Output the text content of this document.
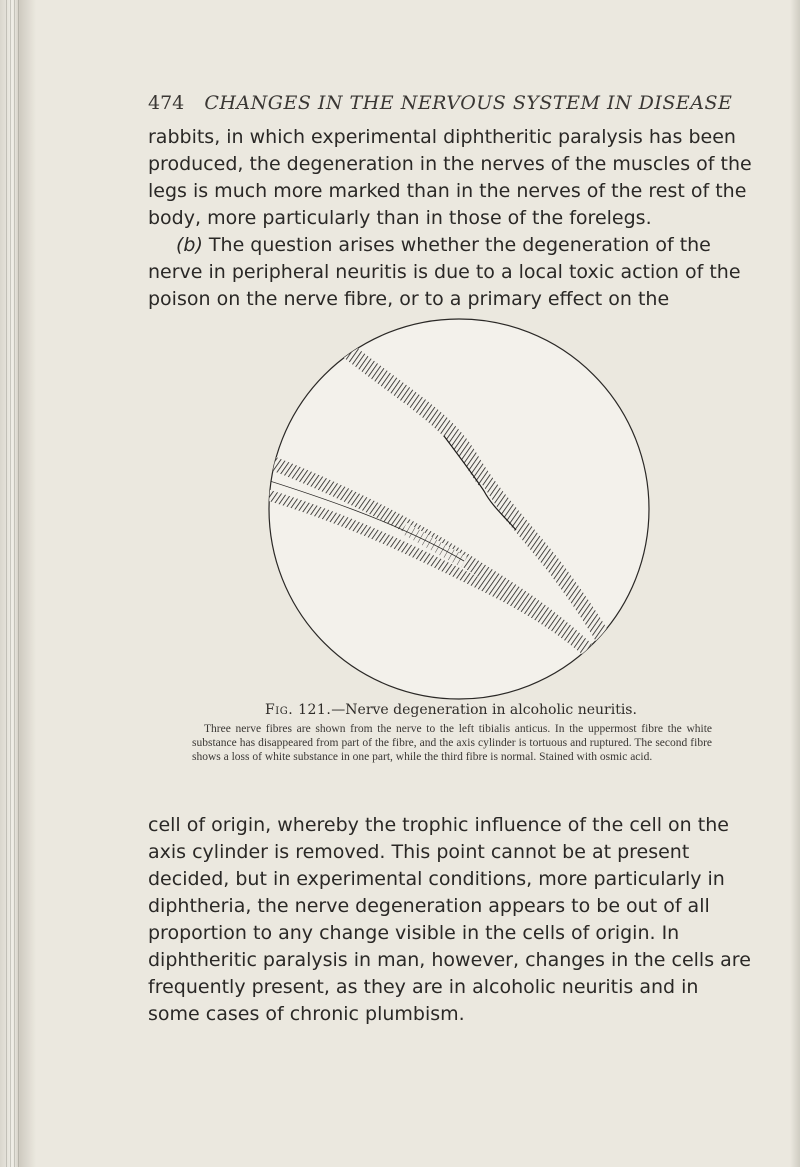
474 CHANGES IN THE NERVOUS SYSTEM IN DISEASE

rabbits, in which experimental diphtheritic paralysis has been produced, the degeneration in the nerves of the muscles of the legs is much more marked than in the nerves of the rest of the body, more particularly than in those of the forelegs.

(b) The question arises whether the degeneration of the nerve in peripheral neuritis is due to a local toxic action of the poison on the nerve fibre, or to a primary effect on the

Fig. 121.—Nerve degeneration in alcoholic neuritis.

Three nerve fibres are shown from the nerve to the left tibialis anticus. In the uppermost fibre the white substance has disappeared from part of the fibre, and the axis cylinder is tortuous and ruptured. The second fibre shows a loss of white substance in one part, while the third fibre is normal. Stained with osmic acid.

cell of origin, whereby the trophic influence of the cell on the axis cylinder is removed. This point cannot be at present decided, but in experimental conditions, more particularly in diphtheria, the nerve degeneration appears to be out of all proportion to any change visible in the cells of origin. In diphtheritic paralysis in man, however, changes in the cells are frequently present, as they are in alcoholic neuritis and in some cases of chronic plumbism.
